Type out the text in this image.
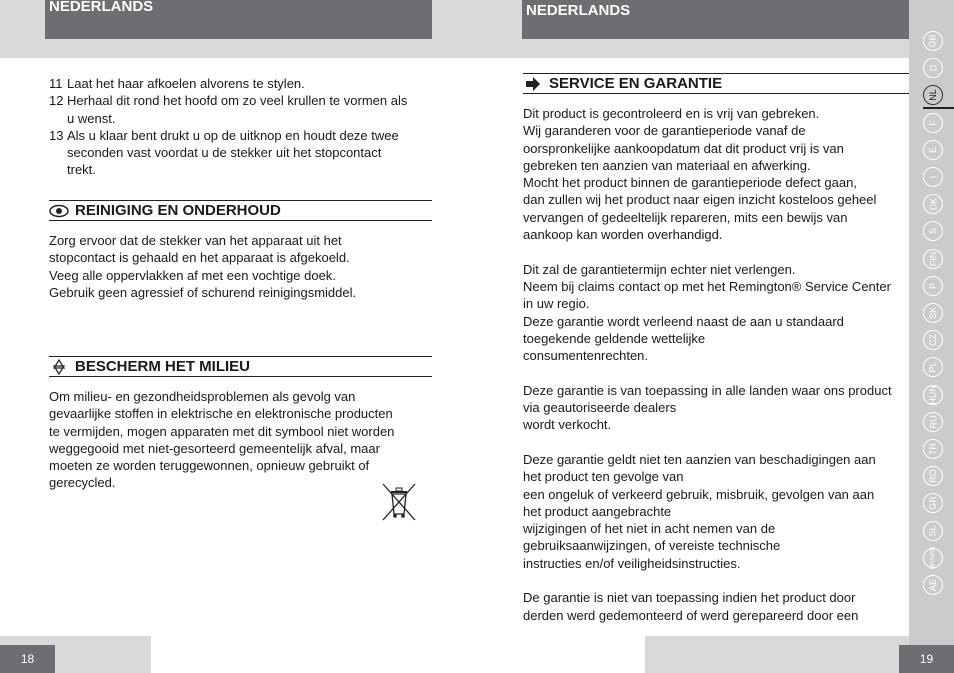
NEDERLANDS	NEDERLANDS
GB
D
NL
F
E
I
DK
S
FIN
P
SK
CZ
PL
HUN
RU
TR
RO
GR
SL
HR/SRB
AE
11 Laat het haar afkoelen alvorens te stylen.
12 Herhaal dit rond het hoofd om zo veel krullen te vormen als
u wenst.
13 Als u klaar bent drukt u op de uitknop en houdt deze twee
seconden vast voordat u de stekker uit het stopcontact
trekt.
REINIGING EN ONDERHOUD
Zorg ervoor dat de stekker van het apparaat uit het
stopcontact is gehaald en het apparaat is afgekoeld.
Veeg alle oppervlakken af met een vochtige doek.
Gebruik geen agressief of schurend reinigingsmiddel.
BESCHERM HET MILIEU
Om milieu- en gezondheidsproblemen als gevolg van
gevaarlijke stoffen in elektrische en elektronische producten
te vermijden, mogen apparaten met dit symbool niet worden
weggegooid met niet-gesorteerd gemeentelijk afval, maar
moeten ze worden teruggewonnen, opnieuw gebruikt of
gerecycled.
SERVICE EN GARANTIE
Dit product is gecontroleerd en is vrij van gebreken.
Wij garanderen voor de garantieperiode vanaf de
oorspronkelijke aankoopdatum dat dit product vrij is van
gebreken ten aanzien van materiaal en afwerking.
Mocht het product binnen de garantieperiode defect gaan,
dan zullen wij het product naar eigen inzicht kosteloos geheel
vervangen of gedeeltelijk repareren, mits een bewijs van
aankoop kan worden overhandigd.
Dit zal de garantietermijn echter niet verlengen.
Neem bij claims contact op met het Remington® Service Center
in uw regio.
Deze garantie wordt verleend naast de aan u standaard
toegekende geldende wettelijke
consumentenrechten.
Deze garantie is van toepassing in alle landen waar ons product
via geautoriseerde dealers
wordt verkocht.
Deze garantie geldt niet ten aanzien van beschadigingen aan
het product ten gevolge van
een ongeluk of verkeerd gebruik, misbruik, gevolgen van aan
het product aangebrachte
wijzigingen of het niet in acht nemen van de
gebruiksaanwijzingen, of vereiste technische
instructies en/of veiligheidsinstructies.
De garantie is niet van toepassing indien het product door
derden werd gedemonteerd of werd gerepareerd door een
18	19
